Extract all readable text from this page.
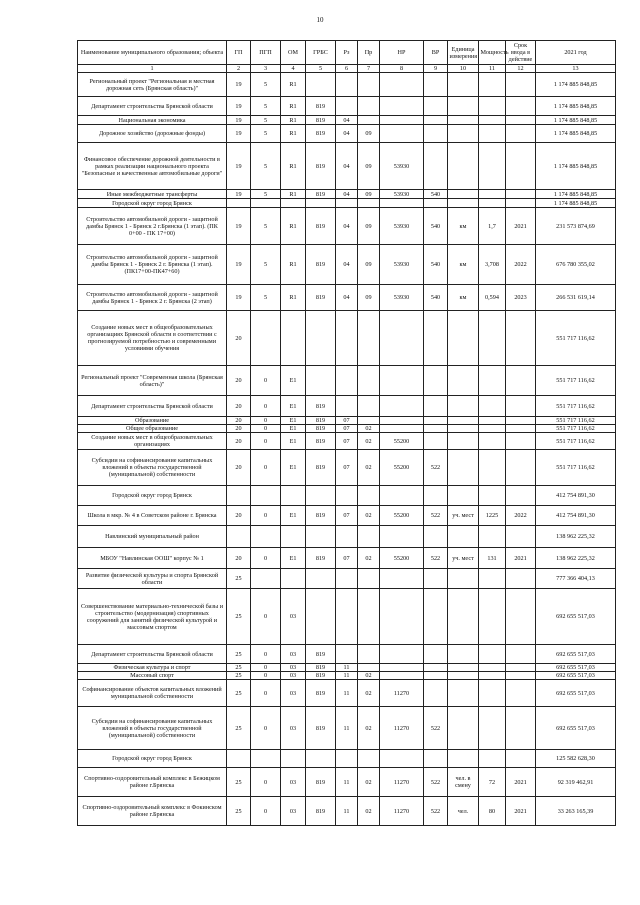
10
Наименование муниципального образования; объекта	ГП	ПГП	ОМ	ГРБС	Рз	Пр	НР	ВР	Единица измерения	Мощность	Срок ввода в действие	2021 год
1	2	3	4	5	6	7	8	9	10	11	12	13
Региональный проект "Региональная и местная дорожная сеть (Брянская область)"	19	5	R1									1 174 885 848,85
Департамент строительства Брянской области	19	5	R1	819								1 174 885 848,85
Национальная экономика	19	5	R1	819	04							1 174 885 848,85
Дорожное хозяйство (дорожные фонды)	19	5	R1	819	04	09						1 174 885 848,85
Финансовое обеспечение дорожной деятельности в рамках реализации национального проекта "Безопасные и качественные автомобильные дороги"	19	5	R1	819	04	09	53930					1 174 885 848,85
Иные межбюджетные трансферты	19	5	R1	819	04	09	53930	540				1 174 885 848,85
Городской округ город Брянск												1 174 885 848,85
Строительство автомобильной дороги - защитной дамбы Брянск 1 - Брянск 2 г.Брянска (1 этап). (ПК 0+00 - ПК 17+00)	19	5	R1	819	04	09	53930	540	км	1,7	2021	231 573 874,69
Строительство автомобильной дороги - защитной дамбы Брянск 1 - Брянск 2 г. Брянска (1 этап). (ПК17+00-ПК47+60)	19	5	R1	819	04	09	53930	540	км	3,708	2022	676 780 355,02
Строительство автомобильной дороги - защитной дамбы Брянск 1 - Брянск 2 г. Брянска (2 этап)	19	5	R1	819	04	09	53930	540	км	0,594	2023	266 531 619,14
Создание новых мест в общеобразовательных организациях Брянской области в соответствии с прогнозируемой потребностью и современными условиями обучения	20											551 717 116,62
Региональный проект "Современная школа (Брянская область)"	20	0	E1									551 717 116,62
Департамент строительства Брянской области	20	0	E1	819								551 717 116,62
Образование	20	0	E1	819	07							551 717 116,62
Общее образование	20	0	E1	819	07	02						551 717 116,62
Создание новых мест в общеобразовательных организациях	20	0	E1	819	07	02	55200					551 717 116,62
Субсидии на софинансирование капитальных вложений в объекты государственной (муниципальной) собственности	20	0	E1	819	07	02	55200	522				551 717 116,62
Городской округ город Брянск												412 754 891,30
Школа в мкр. № 4 в Советском районе г. Брянска	20	0	E1	819	07	02	55200	522	уч. мест	1225	2022	412 754 891,30
Навлинский муниципальный район												138 962 225,32
МБОУ "Навлинская ООШ" корпус № 1	20	0	E1	819	07	02	55200	522	уч. мест	131	2021	138 962 225,32
Развитие физической культуры и спорта Брянской области	25											777 366 404,13
Совершенствование материально-технической базы и строительство (модернизация) спортивных сооружений для занятий физической культурой и массовым спортом	25	0	03									692 655 517,03
Департамент строительства Брянской области	25	0	03	819								692 655 517,03
Физическая культура и спорт	25	0	03	819	11							692 655 517,03
Массовый спорт	25	0	03	819	11	02						692 655 517,03
Софинансирование объектов капитальных вложений муниципальной собственности	25	0	03	819	11	02	11270					692 655 517,03
Субсидии на софинансирование капитальных вложений в объекты государственной (муниципальной) собственности	25	0	03	819	11	02	11270	522				692 655 517,03
Городской округ город Брянск												125 582 628,30
Спортивно-оздоровительный комплекс в Бежицком районе г.Брянска	25	0	03	819	11	02	11270	522	чел. в смену	72	2021	92 319 462,91
Спортивно-оздоровительный комплекс в Фокинском районе г.Брянска	25	0	03	819	11	02	11270	522	чел.	80	2021	33 263 165,39
